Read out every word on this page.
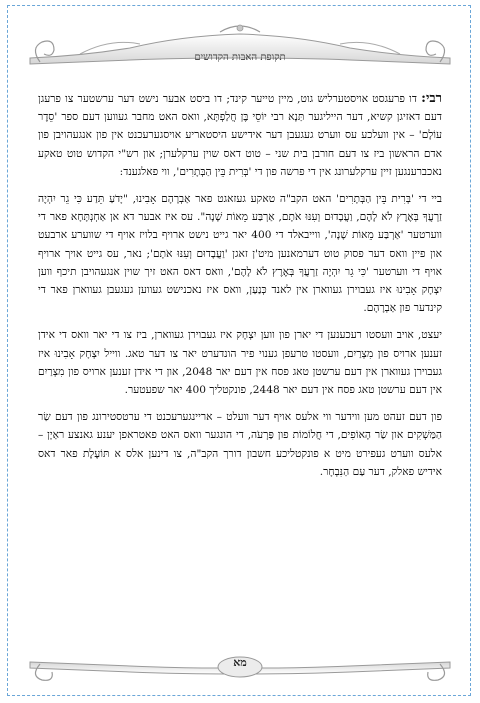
תקופת האבות הקדושים

רבי: דו פרעגסט אויסטערליש גוט, מיין טייער קינד; דו ביסט אבער נישט דער ערשטער צו פרעגן דעם דאזיגן קשיא, דער הייליגער תַּנָא רבי יוֹסֵי בֶּן חֲלַפְתָּא, וואס האט מחבר געווען דעם ספר 'סֵדֶר עוֹלָם' – אין וועלכע עס ווערט געגעבן דער אידישע היסטאריע אויסגערעכנט אין פון אנגעהויבן פון אדם הראשון ביז צו דעם חורבן בית שני – טוט דאס שוין ערקלערן; און רש"י הקדוש טוט טאקע נאכברענגען זיין ערקלערונג אין די פרשה פון די 'בְּרִית בֵּין הַבְּתָרִים', ווי פאלגענד:

ביי די 'בְּרִית בֵּין הַבְּתָרִים' האט הקב"ה טאקע געזאגט פאר אַבְרָהָם אָבִינוּ, "יָדֹעַ תֵּדַע כִּי גֵר יִהְיֶה זַרְעֲךָ בְּאֶרֶץ לֹא לָהֶם, וַעֲבָדוּם וְעִנּוּ אֹתָם, אַרְבַּע מֵאוֹת שָׁנָה". עס איז אבער דא אן אַחְנְתָּחָא פאר די ווערטער 'אַרְבַּע מֵאוֹת שָׁנָה', ווייבאלד די 400 יאר גייט נישט ארויף בלויז אויף די שווערע ארבעט און פיין וואס דער פסוק טוט דערמאנען מיט'ן זאגן 'וַעֲבָדוּם וְעִנּוּ אֹתָם'; נאר, עס גייט אויך ארויף אויף די ווערטער 'כִּי גֵר יִהְיֶה זַרְעֲךָ בְּאֶרֶץ לֹא לָהֶם', וואס דאס האט זיך שוין אנגעהויבן תיכף ווען יִצְחָק אָבִינוּ איז געבוירן געווארן אין לאנד כְּנַעַן, וואס איז נאכנישט געווען געגעבן געווארן פאר די קינדער פון אַבְרָהָם.

יעצט, אויב וועסטו רעכענען די יארן פון ווען יִצְחָק איז געבוירן געווארן, ביז צו די יאר וואס די אידן זענען ארויס פון מִצְרַיִם, וועסטו טרעפן גענוי פיר הונדערט יאר צו דער טאג. ווייל יִצְחָק אָבִינוּ איז געבוירן געווארן אין דעם ערשטן טאג פסח אין דעם יאר 2048, און די אידן זענען ארויס פון מִצְרַיִם אין דעם ערשטן טאג פסח אין דעם יאר 2448, פונקטליך 400 יאר שפעטער.

פון דעם זעהט מען ווידער ווי אלעס אויף דער וועלט – אריינגערעכנט די ערטסטירונג פון דעם שַׂר הַמַּשְׁקִים און שַׂר הָאוֹפִים, די חֲלוֹמוֹת פון פַּרְעֹה, די הונגער וואס האט פאטראפן יענע גאנצע ראַיָן – אלעס ווערט געפירט מיט א פונקטליכע חשבון דורך הקב"ה, צו דינען אלס א תּוֹעֶלֶת פאר דאס אידיש פאלק, דער עַם הַנִּבְחָר.

מא
